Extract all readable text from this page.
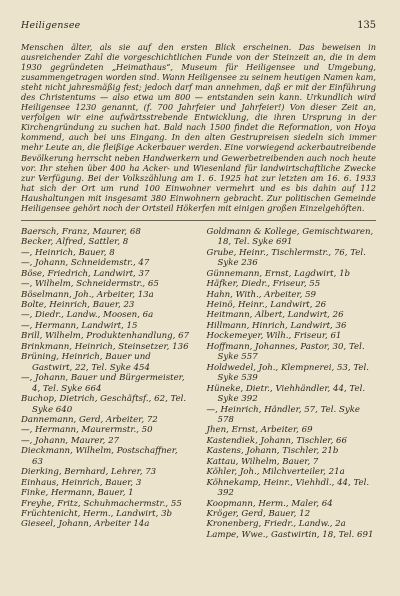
Heiligensee	135

Menschen älter, als sie auf den ersten Blick erscheinen. Das beweisen in ausreichender Zahl die vorgeschichtlichen Funde von der Steinzeit an, die in dem 1930 gegründeten „Heimathaus“, Museum für Heiligensee und Umgebung, zusammengetragen worden sind. Wann Heiligensee zu seinem heutigen Namen kam, steht nicht jahresmäßig fest; jedoch darf man annehmen, daß er mit der Einführung des Christentums — also etwa um 800 — entstanden sein kann. Urkundlich wird Heiligensee 1230 genannt, (f. 700 Jahrfeier und Jahrfeier!) Von dieser Zeit an, verfolgen wir eine aufwärtsstrebende Entwicklung, die ihren Ursprung in der Kirchengründung zu suchen hat. Bald nach 1500 findet die Reformation, von Hoya kommend, auch bei uns Eingang. In den alten Gestrupreisen siedeln sich immer mehr Leute an, die fleißige Ackerbauer werden. Eine vorwiegend ackerbautreibende Bevölkerung herrscht neben Handwerkern und Gewerbetreibenden auch noch heute vor. Ihr stehen über 400 ha Acker- und Wiesenland für landwirtschaftliche Zwecke zur Verfügung. Bei der Volkszählung am 1. 6. 1925 hat zur letzten am 16. 6. 1933 hat sich der Ort um rund 100 Einwohner vermehrt und es bis dahin auf 112 Haushaltungen mit insgesamt 380 Einwohnern gebracht. Zur politischen Gemeinde Heiligensee gehört noch der Ortsteil Hökerfen mit einigen großen Einzelgehöften.

Baersch, Franz, Maurer, 68
Becker, Alfred, Sattler, 8
—, Heinrich, Bauer, 8
—, Johann, Schneidemstr., 47
Böse, Friedrich, Landwirt, 37
—, Wilhelm, Schneidermstr., 65
Böselmann, Joh., Arbeiter, 13a
Bolte, Heinrich, Bauer, 23
—, Diedr., Landw., Moosen, 6a
—, Hermann, Landwirt, 15
Brill, Wilhelm, Produktenhandlung, 67
Brinkmann, Heinrich, Steinsetzer, 136
Brüning, Heinrich, Bauer und Gastwirt, 22, Tel. Syke 454
—, Johann, Bauer und Bürgermeister, 4, Tel. Syke 664
Buchop, Dietrich, Geschäftsf., 62, Tel. Syke 640
Dannemann, Gerd, Arbeiter, 72
—, Hermann, Maurermstr., 50
—, Johann, Maurer, 27
Dieckmann, Wilhelm, Postschaffner, 63
Dierking, Bernhard, Lehrer, 73
Einhaus, Heinrich, Bauer, 3
Finke, Hermann, Bauer, 1
Freyhe, Fritz, Schuhmachermstr., 55
Früchtenicht, Herm., Landwirt, 3b
Gieseel, Johann, Arbeiter 14a
Goldmann & Kollege, Gemischtwaren, 18, Tel. Syke 691
Grube, Heinr., Tischlermstr., 76, Tel. Syke 236
Günnemann, Ernst, Lagdwirt, 1b
Häfker, Diedr., Friseur, 55
Hahn, With., Arbeiter, 59
Heinö, Heinr., Landwirt, 26
Heitmann, Albert, Landwirt, 26
Hillmann, Hinrich, Landwirt, 36
Hockemeyer, Wilh., Friseur, 61
Hoffmann, Johannes, Pastor, 30, Tel. Syke 557
Holdwedel, Joh., Klempnerei, 53, Tel. Syke 539
Hüneke, Dietr., Viehhändler, 44, Tel. Syke 392
—, Heinrich, Händler, 57, Tel. Syke 578
Jhen, Ernst, Arbeiter, 69
Kastendiek, Johann, Tischler, 66
Kastens, Johann, Tischler, 21b
Kattau, Wilhelm, Bauer, 7
Köhler, Joh., Milchverteiler, 21a
Köhnekamp, Heinr., Viehhdl., 44, Tel. 392
Koopmann, Herm., Maler, 64
Kröger, Gerd, Bauer, 12
Kronenberg, Friedr., Landw., 2a
Lampe, Wwe., Gastwirtin, 18, Tel. 691
